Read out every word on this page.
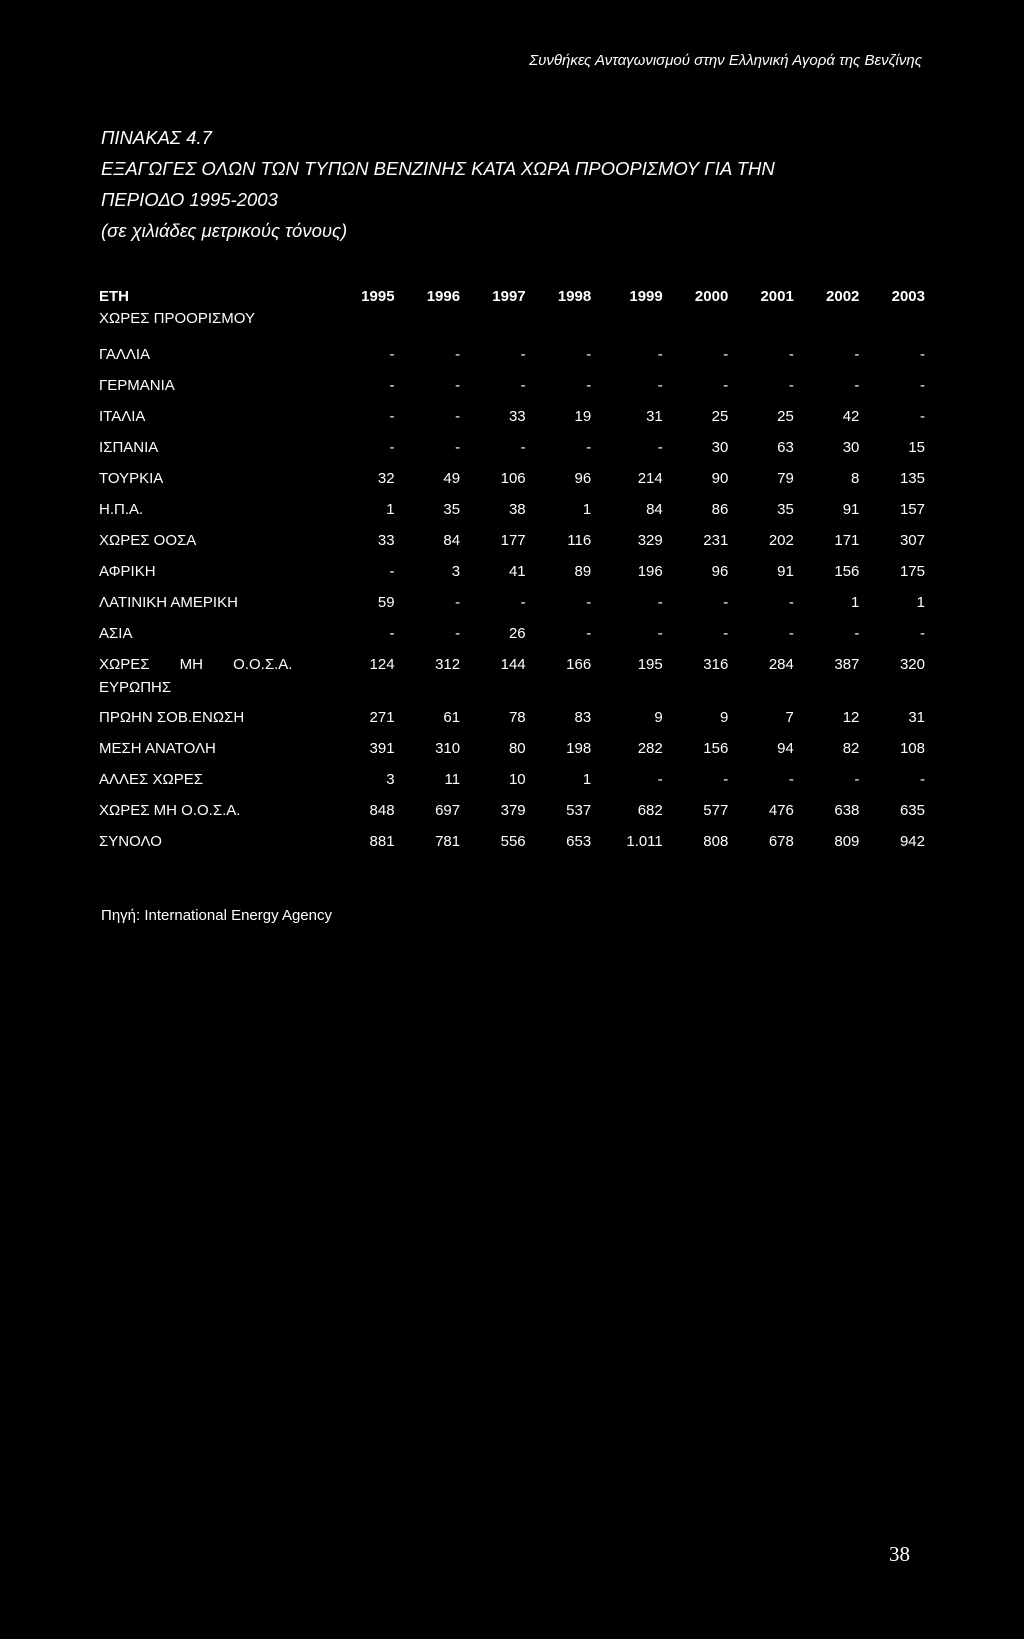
Συνθήκες Ανταγωνισμού στην Ελληνική Αγορά της Βενζίνης
ΠΙΝΑΚΑΣ 4.7
ΕΞΑΓΩΓΕΣ ΟΛΩΝ ΤΩΝ ΤΥΠΩΝ ΒΕΝΖΙΝΗΣ ΚΑΤΑ ΧΩΡΑ ΠΡΟΟΡΙΣΜΟΥ ΓΙΑ ΤΗΝ
ΠΕΡΙΟΔΟ 1995-2003
(σε χιλιάδες μετρικούς τόνους)
ΕΤΗ	1995	1996	1997	1998	1999	2000	2001	2002	2003
ΧΩΡΕΣ ΠΡΟΟΡΙΣΜΟΥ									

ΓΑΛΛΙΑ	-	-	-	-	-	-	-	-	-

ΓΕΡΜΑΝΙΑ	-	-	-	-	-	-	-	-	-

ΙΤΑΛΙΑ	-	-	33	19	31	25	25	42	-

ΙΣΠΑΝΙΑ	-	-	-	-	-	30	63	30	15

ΤΟΥΡΚΙΑ	32	49	106	96	214	90	79	8	135

Η.Π.Α.	1	35	38	1	84	86	35	91	157

ΧΩΡΕΣ ΟΟΣΑ	33	84	177	116	329	231	202	171	307

ΑΦΡΙΚΗ	-	3	41	89	196	96	91	156	175

ΛΑΤΙΝΙΚΗ ΑΜΕΡΙΚΗ	59	-	-	-	-	-	-	1	1

ΑΣΙΑ	-	-	26	-	-	-	-	-	-

ΧΩΡΕΣ ΜΗ Ο.Ο.Σ.Α.
ΕΥΡΩΠΗΣ	124	312	144	166	195	316	284	387	320

ΠΡΩΗΝ ΣΟΒ.ΕΝΩΣΗ	271	61	78	83	9	9	7	12	31

ΜΕΣΗ ΑΝΑΤΟΛΗ	391	310	80	198	282	156	94	82	108

ΑΛΛΕΣ ΧΩΡΕΣ	3	11	10	1	-	-	-	-	-

ΧΩΡΕΣ ΜΗ Ο.Ο.Σ.Α.	848	697	379	537	682	577	476	638	635

ΣΥΝΟΛΟ	881	781	556	653	1.011	808	678	809	942
Πηγή: International Energy Agency
38
